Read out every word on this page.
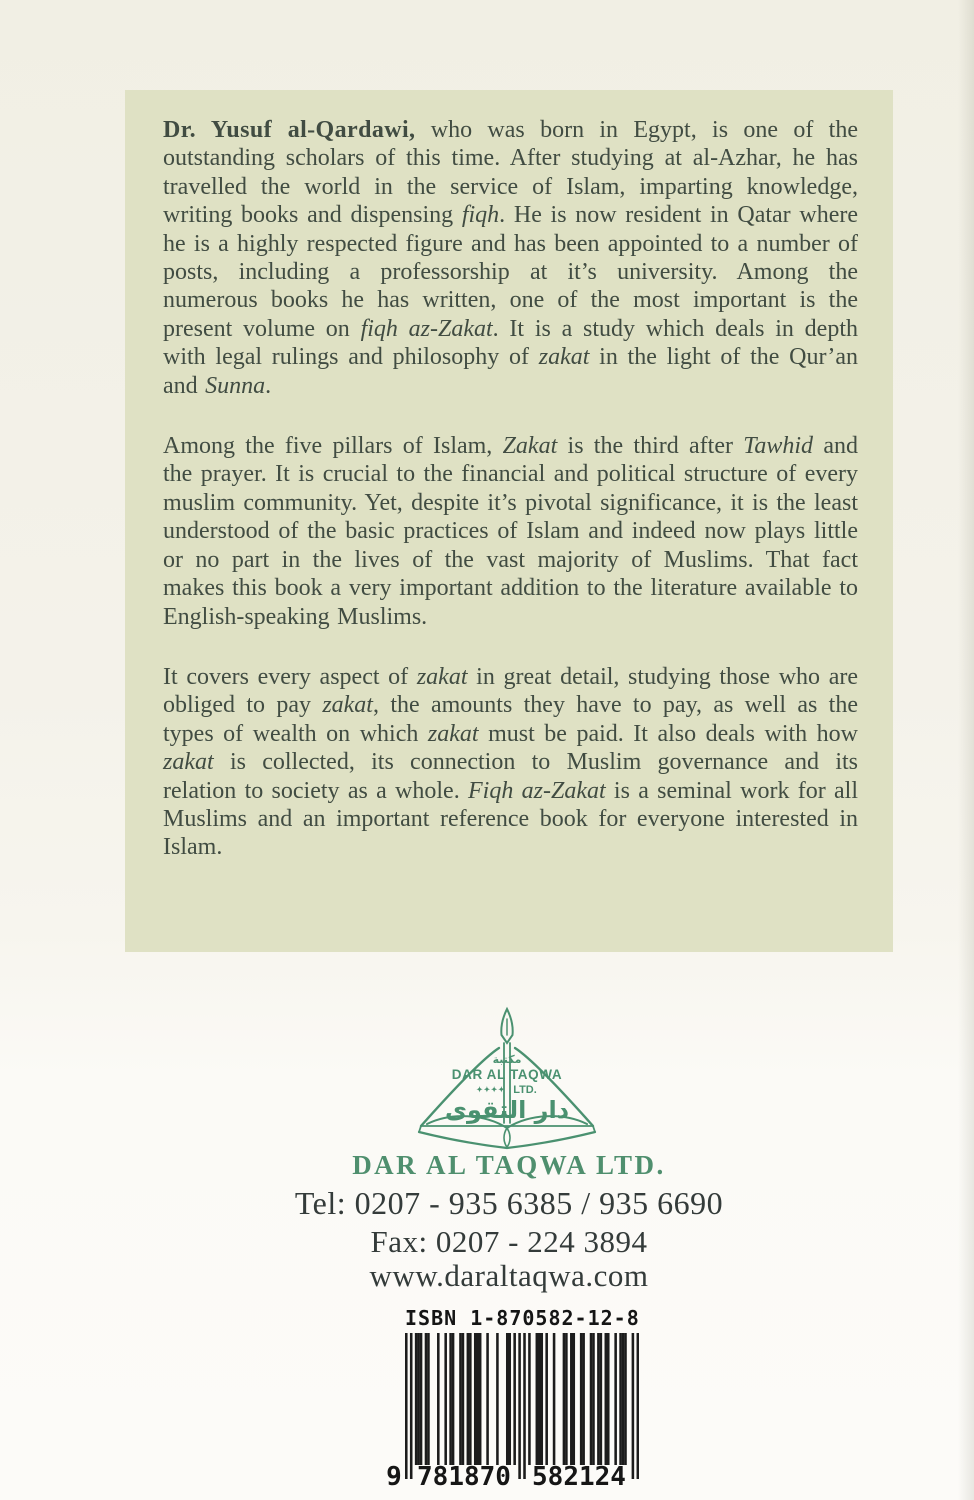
Dr. Yusuf al-Qardawi, who was born in Egypt, is one of the outstanding scholars of this time. After studying at al-Azhar, he has travelled the world in the service of Islam, imparting knowledge, writing books and dispensing fiqh. He is now resident in Qatar where he is a highly respected figure and has been appointed to a number of posts, including a professorship at it’s university. Among the numerous books he has written, one of the most important is the present volume on fiqh az-Zakat. It is a study which deals in depth with legal rulings and philosophy of zakat in the light of the Qur’an and Sunna.

Among the five pillars of Islam, Zakat is the third after Tawhid and the prayer. It is crucial to the financial and political structure of every muslim community. Yet, despite it’s pivotal significance, it is the least understood of the basic practices of Islam and indeed now plays little or no part in the lives of the vast majority of Muslims. That fact makes this book a very important addition to the literature available to English-speaking Muslims.

It covers every aspect of zakat in great detail, studying those who are obliged to pay zakat, the amounts they have to pay, as well as the types of wealth on which zakat must be paid. It also deals with how zakat is collected, its connection to Muslim governance and its relation to society as a whole. Fiqh az-Zakat is a seminal work for all Muslims and an important reference book for everyone interested in Islam.

مكتبة
DAR AL TAQWA
✦✦✦✦ LTD.
دار التقوى
DAR AL TAQWA LTD.
Tel: 0207 - 935 6385 / 935 6690
Fax: 0207 - 224 3894
www.daraltaqwa.com
ISBN 1-870582-12-8
9 781870 582124
